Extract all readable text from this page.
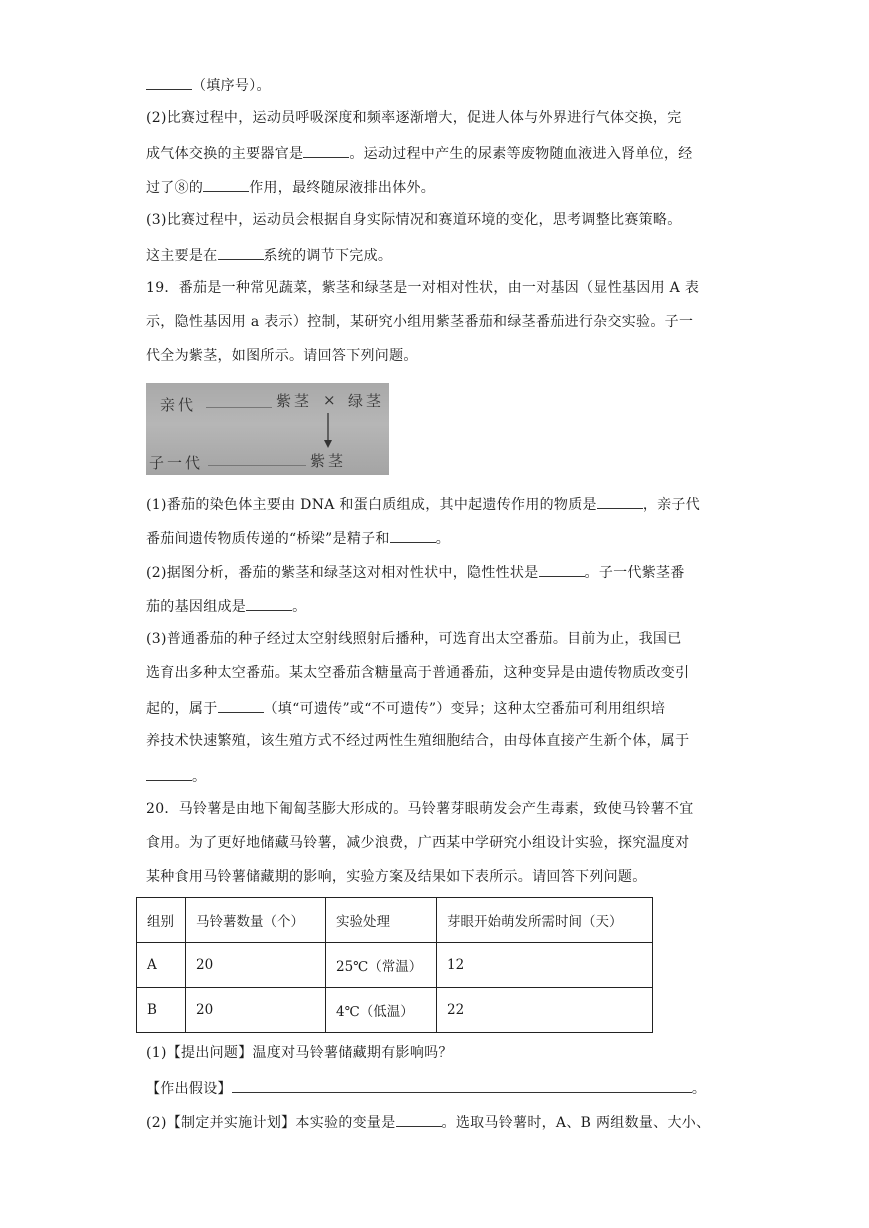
（填序号）。
(2)比赛过程中，运动员呼吸深度和频率逐渐增大，促进人体与外界进行气体交换，完
成气体交换的主要器官是	。运动过程中产生的尿素等废物随血液进入肾单位，经
过了⑧的	作用，最终随尿液排出体外。
(3)比赛过程中，运动员会根据自身实际情况和赛道环境的变化，思考调整比赛策略。
这主要是在	系统的调节下完成。
19．番茄是一种常见蔬菜，紫茎和绿茎是一对相对性状，由一对基因（显性基因用 A 表
示，隐性基因用 a 表示）控制，某研究小组用紫茎番茄和绿茎番茄进行杂交实验。子一
代全为紫茎，如图所示。请回答下列问题。
亲代	紫茎 × 绿茎
子一代	紫茎
(1)番茄的染色体主要由 DNA 和蛋白质组成，其中起遗传作用的物质是	，亲子代
番茄间遗传物质传递的“桥梁”是精子和	。
(2)据图分析，番茄的紫茎和绿茎这对相对性状中，隐性性状是	。子一代紫茎番
茄的基因组成是	。
(3)普通番茄的种子经过太空射线照射后播种，可选育出太空番茄。目前为止，我国已
选育出多种太空番茄。某太空番茄含糖量高于普通番茄，这种变异是由遗传物质改变引
起的，属于	（填“可遗传”或“不可遗传”）变异；这种太空番茄可利用组织培
养技术快速繁殖，该生殖方式不经过两性生殖细胞结合，由母体直接产生新个体，属于
。
20．马铃薯是由地下匍匐茎膨大形成的。马铃薯芽眼萌发会产生毒素，致使马铃薯不宜
食用。为了更好地储藏马铃薯，减少浪费，广西某中学研究小组设计实验，探究温度对
某种食用马铃薯储藏期的影响，实验方案及结果如下表所示。请回答下列问题。
组别	马铃薯数量（个）	实验处理	芽眼开始萌发所需时间（天）
A	20	25℃（常温）	12
B	20	4℃（低温）	22
(1)【提出问题】温度对马铃薯储藏期有影响吗？
【作出假设】	。
(2)【制定并实施计划】本实验的变量是	。选取马铃薯时，A、B 两组数量、大小、
